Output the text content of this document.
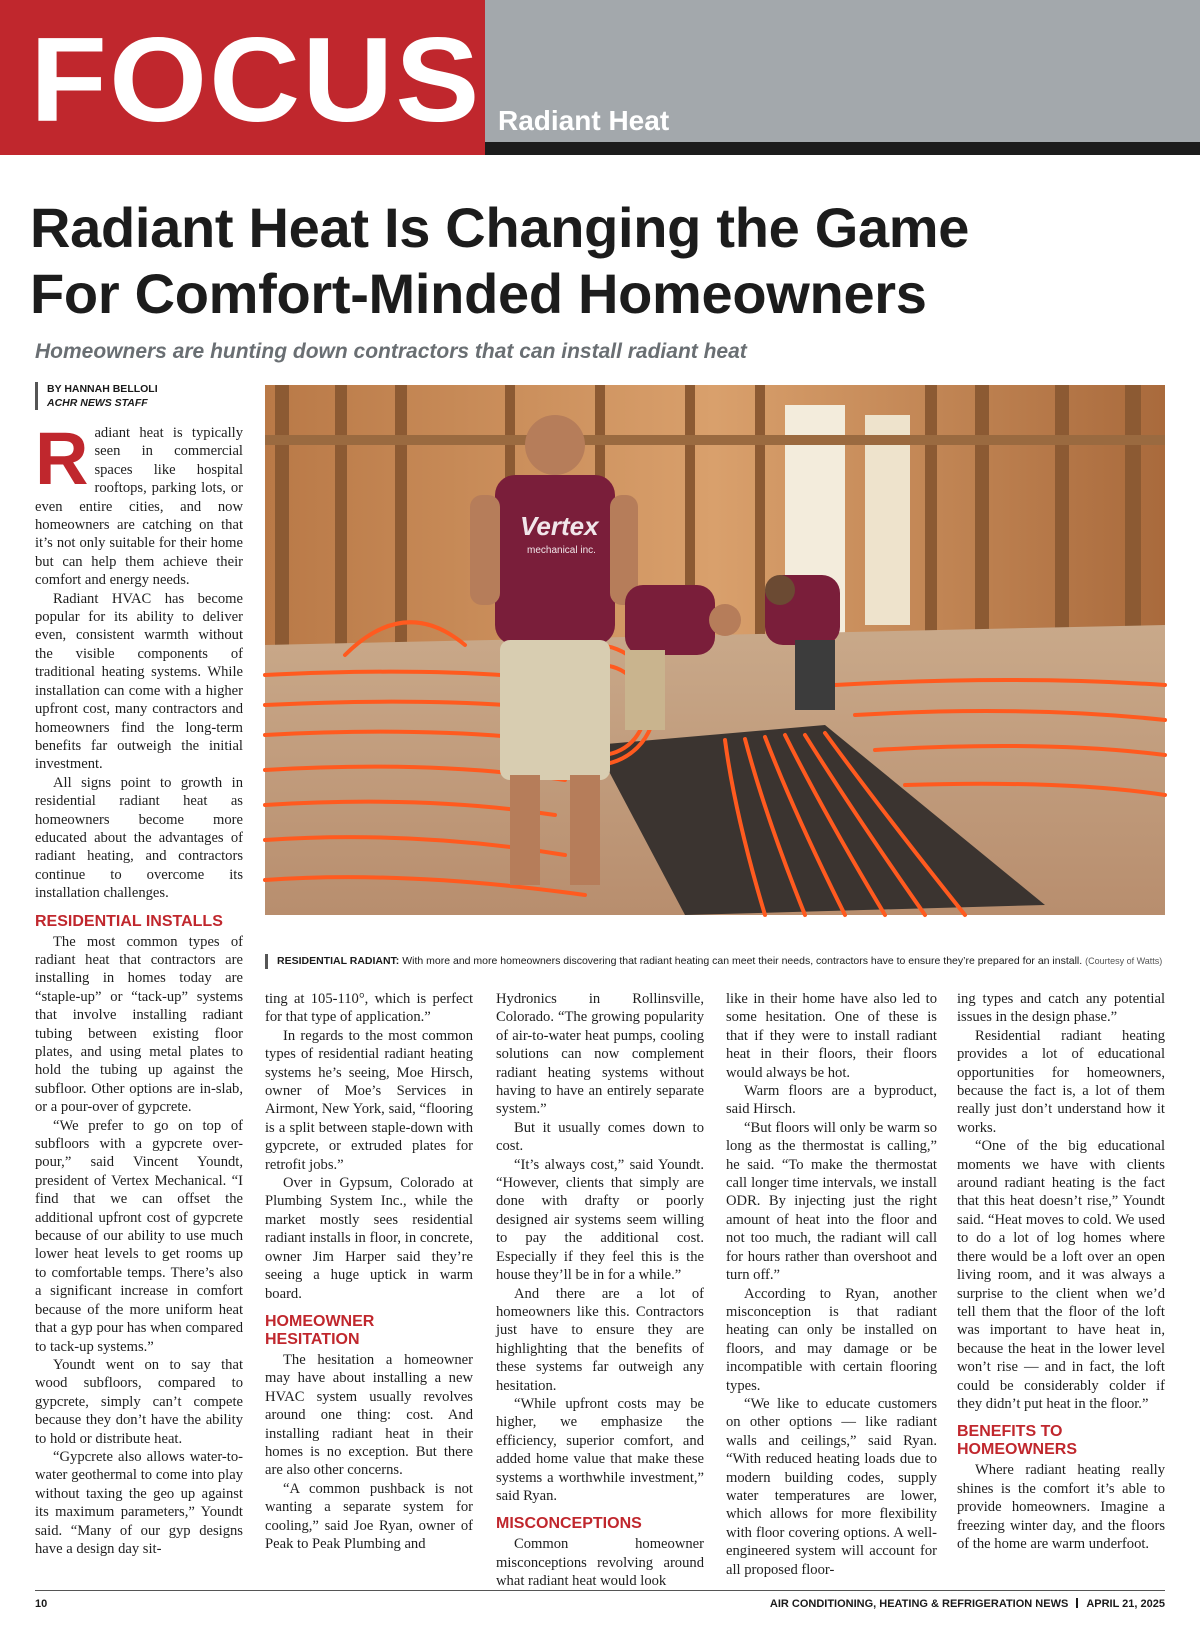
FOCUS Radiant Heat
Radiant Heat Is Changing the Game
For Comfort-Minded Homeowners
Homeowners are hunting down contractors that can install radiant heat
BY HANNAH BELLOLI
ACHR NEWS STAFF
Vertex
mechanical inc.
RESIDENTIAL RADIANT: With more and more homeowners discovering that radiant heating can meet their needs, contractors have to ensure they’re prepared for an install. (Courtesy of Watts)

Radiant heat is typically seen in commercial spaces like hospital rooftops, parking lots, or even entire cities, and now homeowners are catching on that it’s not only suitable for their home but can help them achieve their comfort and energy needs.

Radiant HVAC has become popular for its ability to deliver even, consistent warmth without the visible components of traditional heating systems. While installation can come with a higher upfront cost, many contractors and homeowners find the long-term benefits far outweigh the initial investment.

All signs point to growth in residential radiant heat as homeowners become more educated about the advantages of radiant heating, and contractors continue to overcome its installation challenges.

RESIDENTIAL INSTALLS

The most common types of radiant heat that contractors are installing in homes today are “staple-up” or “tack-up” systems that involve installing radiant tubing between existing floor plates, and using metal plates to hold the tubing up against the subfloor. Other options are in-slab, or a pour-over of gypcrete.

“We prefer to go on top of subfloors with a gypcrete over-pour,” said Vincent Youndt, president of Vertex Mechanical. “I find that we can offset the additional upfront cost of gypcrete because of our ability to use much lower heat levels to get rooms up to comfortable temps. There’s also a significant increase in comfort because of the more uniform heat that a gyp pour has when compared to tack-up systems.”

Youndt went on to say that wood subfloors, compared to gypcrete, simply can’t compete because they don’t have the ability to hold or distribute heat.

“Gypcrete also allows water-to-water geothermal to come into play without taxing the geo up against its maximum parameters,” Youndt said. “Many of our gyp designs have a design day sit-

ting at 105-110°, which is perfect for that type of application.”

In regards to the most common types of residential radiant heating systems he’s seeing, Moe Hirsch, owner of Moe’s Services in Airmont, New York, said, “flooring is a split between staple-down with gypcrete, or extruded plates for retrofit jobs.”

Over in Gypsum, Colorado at Plumbing System Inc., while the market mostly sees residential radiant installs in floor, in concrete, owner Jim Harper said they’re seeing a huge uptick in warm board.

HOMEOWNER HESITATION

The hesitation a homeowner may have about installing a new HVAC system usually revolves around one thing: cost. And installing radiant heat in their homes is no exception. But there are also other concerns.

“A common pushback is not wanting a separate system for cooling,” said Joe Ryan, owner of Peak to Peak Plumbing and

Hydronics in Rollinsville, Colorado. “The growing popularity of air-to-water heat pumps, cooling solutions can now complement radiant heating systems without having to have an entirely separate system.”

But it usually comes down to cost.

“It’s always cost,” said Youndt. “However, clients that simply are done with drafty or poorly designed air systems seem willing to pay the additional cost. Especially if they feel this is the house they’ll be in for a while.”

And there are a lot of homeowners like this. Contractors just have to ensure they are highlighting that the benefits of these systems far outweigh any hesitation.

“While upfront costs may be higher, we emphasize the efficiency, superior comfort, and added home value that make these systems a worthwhile investment,” said Ryan.

MISCONCEPTIONS

Common homeowner misconceptions revolving around what radiant heat would look

like in their home have also led to some hesitation. One of these is that if they were to install radiant heat in their floors, their floors would always be hot.

Warm floors are a byproduct, said Hirsch.

“But floors will only be warm so long as the thermostat is calling,” he said. “To make the thermostat call longer time intervals, we install ODR. By injecting just the right amount of heat into the floor and not too much, the radiant will call for hours rather than overshoot and turn off.”

According to Ryan, another misconception is that radiant heating can only be installed on floors, and may damage or be incompatible with certain flooring types.

“We like to educate customers on other options — like radiant walls and ceilings,” said Ryan. “With reduced heating loads due to modern building codes, supply water temperatures are lower, which allows for more flexibility with floor covering options. A well-engineered system will account for all proposed floor-

ing types and catch any potential issues in the design phase.”

Residential radiant heating provides a lot of educational opportunities for homeowners, because the fact is, a lot of them really just don’t understand how it works.

“One of the big educational moments we have with clients around radiant heating is the fact that this heat doesn’t rise,” Youndt said. “Heat moves to cold. We used to do a lot of log homes where there would be a loft over an open living room, and it was always a surprise to the client when we’d tell them that the floor of the loft was important to have heat in, because the heat in the lower level won’t rise — and in fact, the loft could be considerably colder if they didn’t put heat in the floor.”

BENEFITS TO HOMEOWNERS

Where radiant heating really shines is the comfort it’s able to provide homeowners. Imagine a freezing winter day, and the floors of the home are warm underfoot.

10	AIR CONDITIONING, HEATING & REFRIGERATION NEWS APRIL 21, 2025
